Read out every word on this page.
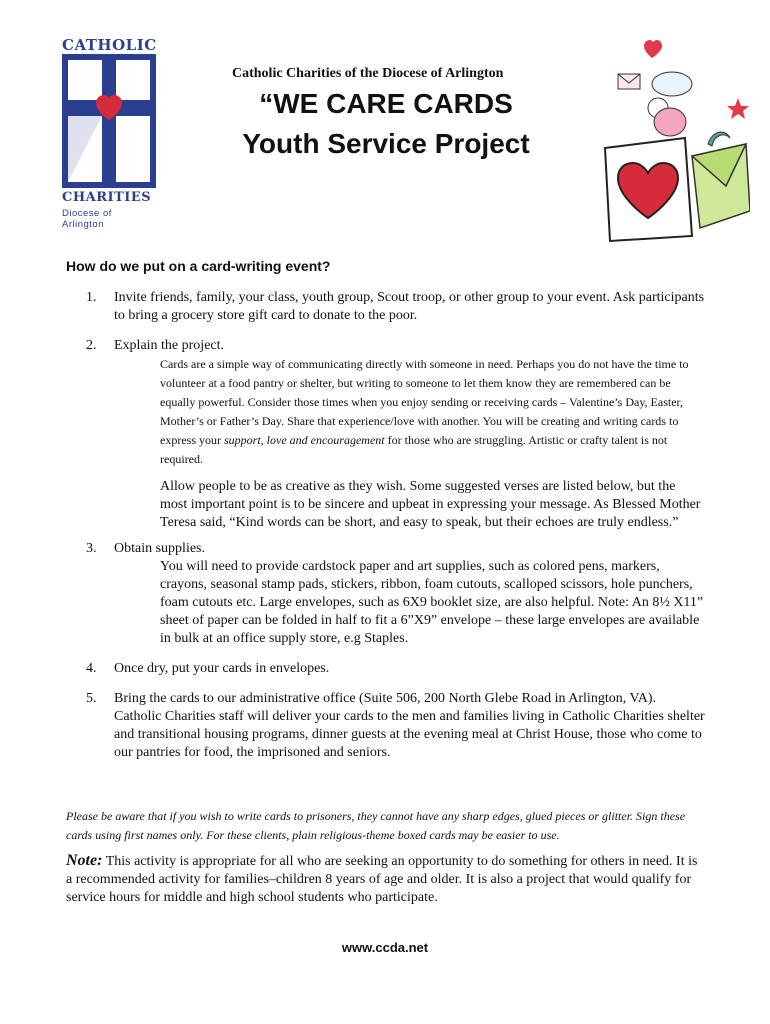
CATHOLIC
CHARITIES
Diocese of Arlington
Catholic Charities of the Diocese of Arlington
“WE CARE CARDS
Youth Service Project
How do we put on a card-writing event?
1. Invite friends, family, your class, youth group, Scout troop, or other group to your event. Ask participants to bring a grocery store gift card to donate to the poor.
2. Explain the project.
Cards are a simple way of communicating directly with someone in need. Perhaps you do not have the time to volunteer at a food pantry or shelter, but writing to someone to let them know they are remembered can be equally powerful. Consider those times when you enjoy sending or receiving cards – Valentine’s Day, Easter, Mother’s or Father’s Day. Share that experience/love with another. You will be creating and writing cards to express your support, love and encouragement for those who are struggling. Artistic or crafty talent is not required.
Allow people to be as creative as they wish. Some suggested verses are listed below, but the most important point is to be sincere and upbeat in expressing your message. As Blessed Mother Teresa said, “Kind words can be short, and easy to speak, but their echoes are truly endless.”
3. Obtain supplies.
You will need to provide cardstock paper and art supplies, such as colored pens, markers, crayons, seasonal stamp pads, stickers, ribbon, foam cutouts, scalloped scissors, hole punchers, foam cutouts etc. Large envelopes, such as 6X9 booklet size, are also helpful. Note: An 8½ X11” sheet of paper can be folded in half to fit a 6”X9” envelope – these large envelopes are available in bulk at an office supply store, e.g Staples.
4. Once dry, put your cards in envelopes.
5. Bring the cards to our administrative office (Suite 506, 200 North Glebe Road in Arlington, VA). Catholic Charities staff will deliver your cards to the men and families living in Catholic Charities shelter and transitional housing programs, dinner guests at the evening meal at Christ House, those who come to our pantries for food, the imprisoned and seniors.
Please be aware that if you wish to write cards to prisoners, they cannot have any sharp edges, glued pieces or glitter. Sign these cards using first names only. For these clients, plain religious-theme boxed cards may be easier to use.
Note: This activity is appropriate for all who are seeking an opportunity to do something for others in need. It is a recommended activity for families–children 8 years of age and older. It is also a project that would qualify for service hours for middle and high school students who participate.
www.ccda.net
